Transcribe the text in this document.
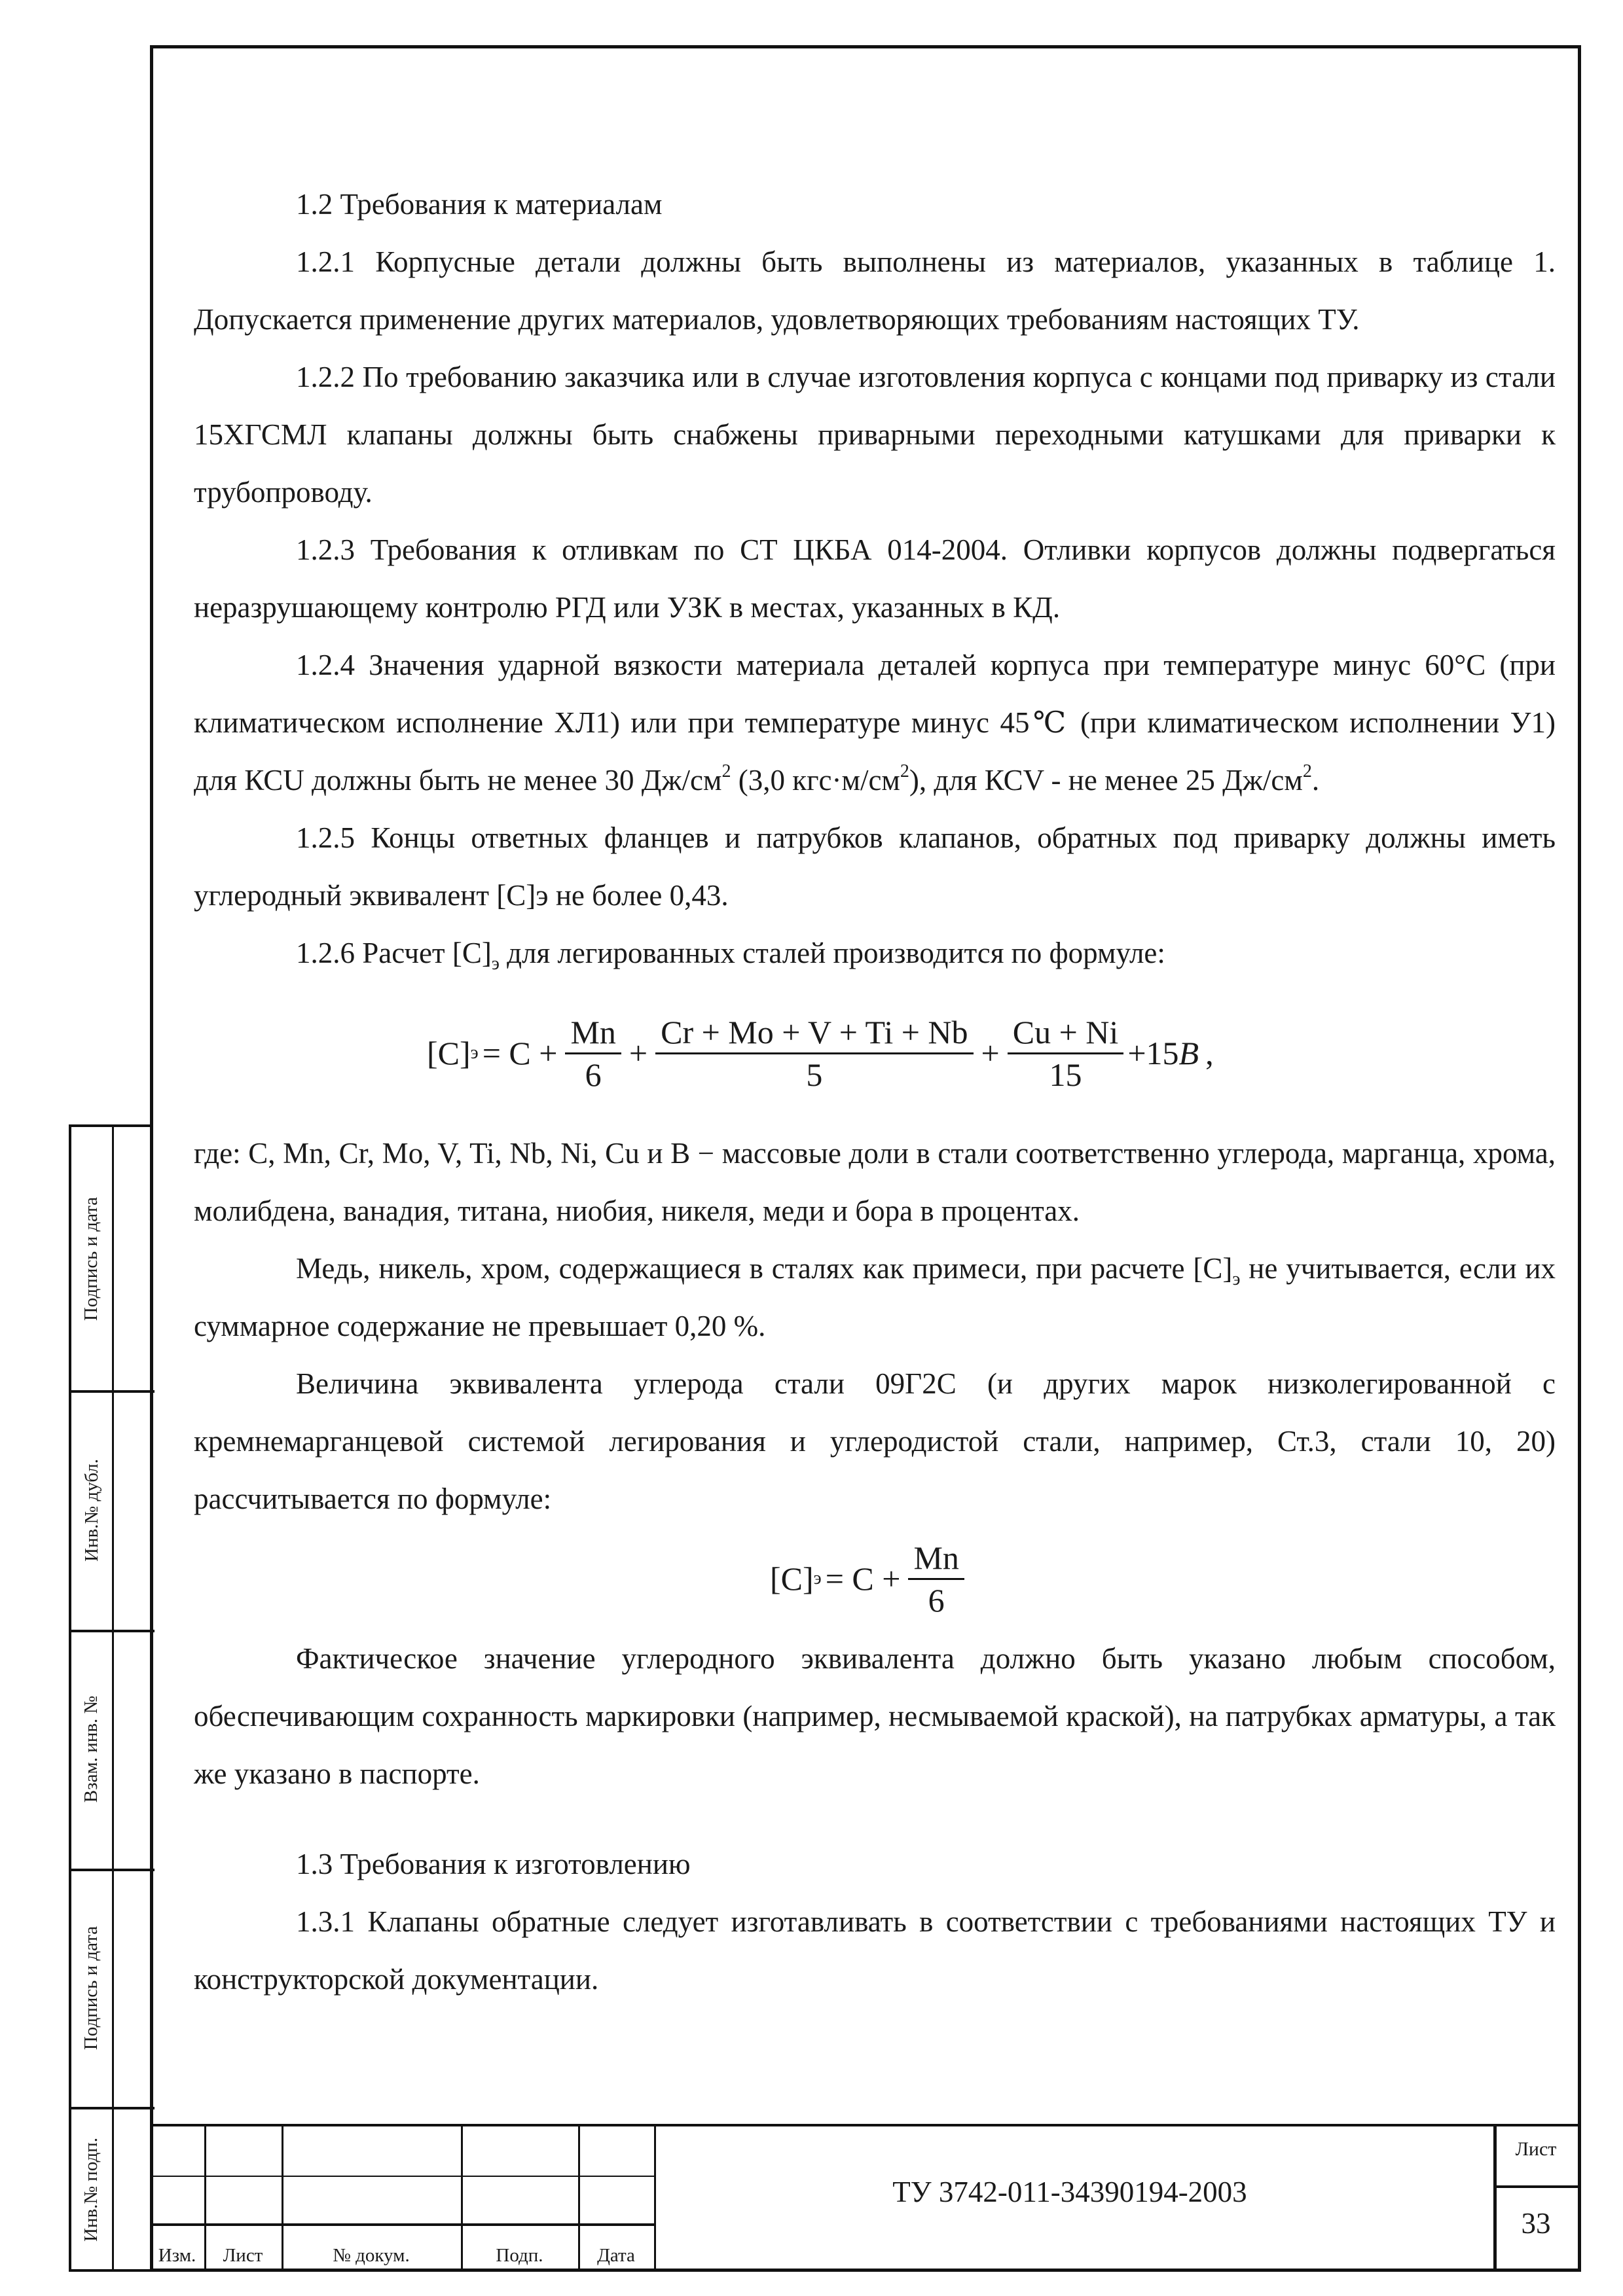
1.2 Требования к материалам

1.2.1 Корпусные детали должны быть выполнены из материалов, указанных в таблице 1. Допускается применение других материалов, удовлетворяющих требованиям настоящих ТУ.

1.2.2 По требованию заказчика или в случае изготовления корпуса с концами под приварку из стали 15ХГСМЛ клапаны должны быть снабжены приварными переходными катушками для приварки к трубопроводу.

1.2.3 Требования к отливкам по СТ ЦКБА 014-2004. Отливки корпусов должны подвергаться неразрушающему контролю РГД или УЗК в местах, указанных в КД.

1.2.4 Значения ударной вязкости материала деталей корпуса при температуре минус 60°С (при климатическом исполнение ХЛ1) или при температуре минус 45℃ (при климатическом исполнении У1) для КСU должны быть не менее 30 $Дж/см^2$ (3,0 $кгс\cdot м/см^2$), для КСV - не менее 25 $Дж/см^2$.

1.2.5 Концы ответных фланцев и патрубков клапанов, обратных под приварку должны иметь углеродный эквивалент [С]э не более 0,43.

1.2.6 Расчет $[С]_э$ для легированных сталей производится по формуле:

[C] $э = C + \frac{Mn}{6} + \frac{Cr + Mo + V + Ti + Nb}{5} + \frac{Cu + Ni}{15} +15$ B ,

где: С, Mn, Cr, Mo, V, Ti, Nb, Ni, Cu и В − массовые доли в стали соответственно углерода, марганца, хрома, молибдена, ванадия, титана, ниобия, никеля, меди и бора в процентах.

Медь, никель, хром, содержащиеся в сталях как примеси, при расчете $[С]_э$ не учитывается, если их суммарное содержание не превышает 0,20 %.

Величина эквивалента углерода стали 09Г2С (и других марок низколегированной с кремнемарганцевой системой легирования и углеродистой стали, например, Ст.3, стали 10, 20) рассчитывается по формуле:

[C] $э = C + \frac{Mn}{6}$

Фактическое значение углеродного эквивалента должно быть указано любым способом, обеспечивающим сохранность маркировки (например, несмываемой краской), на патрубках арматуры, а так же указано в паспорте.

1.3 Требования к изготовлению

1.3.1 Клапаны обратные следует изготавливать в соответствии с требованиями настоящих ТУ и конструкторской документации.

Подпись и дата
Инв.№ дубл.
Взам. инв. №
Подпись и дата
Инв.№ подп.
Изм.	Лист	№ докум.	Подп.	Дата
ТУ 3742-011-34390194-2003
Лист
33
